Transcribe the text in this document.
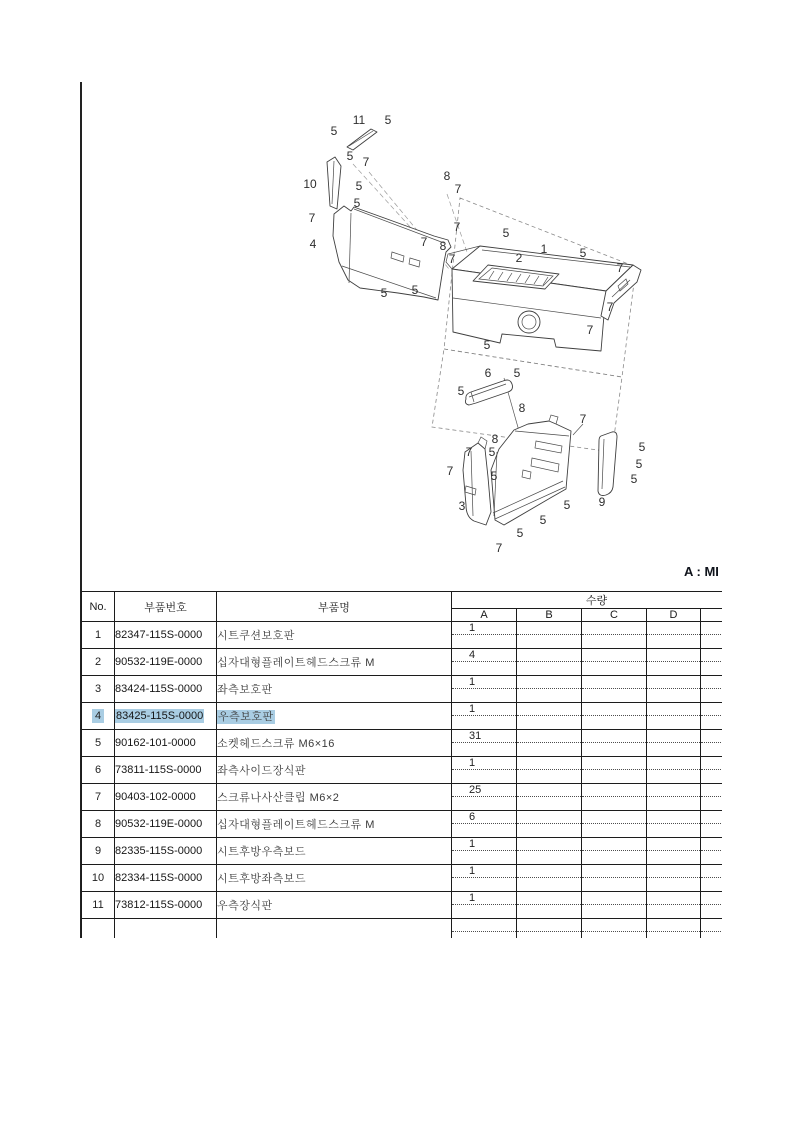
11 5
5
5 7
10	5
5
7
4
8
7
7
8
7
5 5
5
1
2	5
7
7
7
7
5
6 5
5
8
8
7
5
5
5
9
7
7
5
5
3	5
5
5
7
A : MI
No.	부품번호	부품명	수량				
			A	B	C	D	
1	82347-115S-0000	시트쿠션보호판	1				

2	90532-119E-0000	십자대형플레이트헤드스크류 M	4				

3	83424-115S-0000	좌측보호판	1				

4	83425-115S-0000	우측보호판	1				

5	90162-101-0000	소켓헤드스크류 M6×16	31				

6	73811-115S-0000	좌측사이드장식판	1				

7	90403-102-0000	스크류나사산클립 M6×2	25				

8	90532-119E-0000	십자대형플레이트헤드스크류 M	6				

9	82335-115S-0000	시트후방우측보드	1				

10	82334-115S-0000	시트후방좌측보드	1				

11	73812-115S-0000	우측장식판	1				
